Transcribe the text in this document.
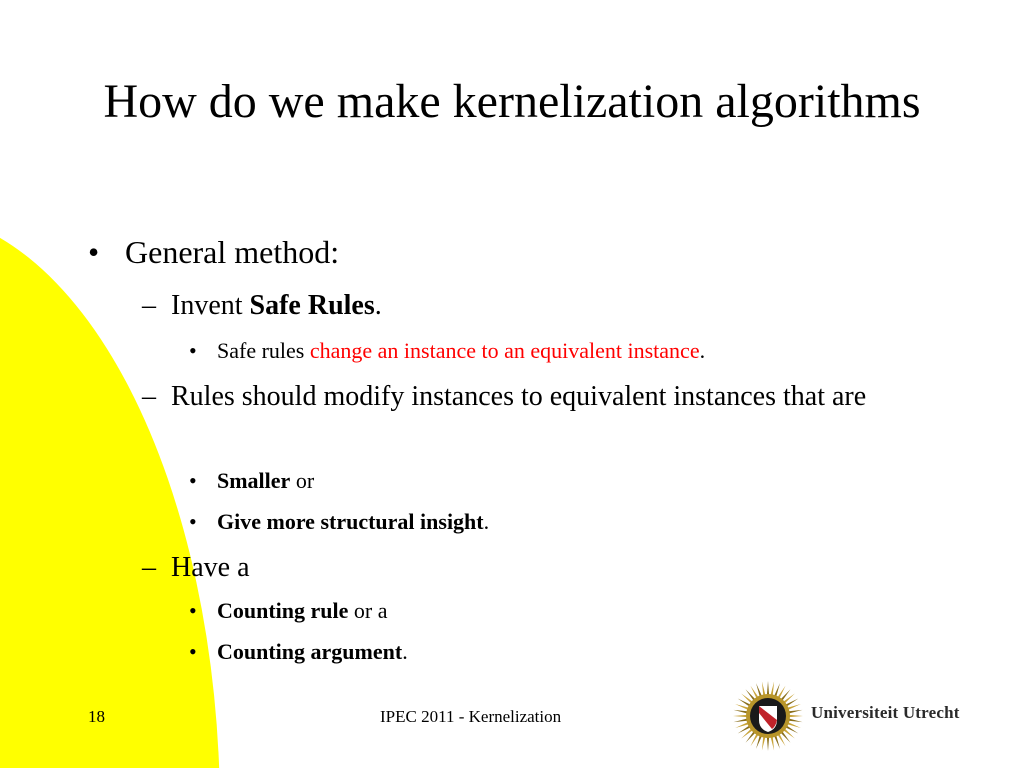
How do we make kernelization algorithms
• General method:
– Invent Safe Rules.
• Safe rules change an instance to an equivalent instance.
– Rules should modify instances to equivalent instances that are
• Smaller or
• Give more structural insight.
– Have a
• Counting rule or a
• Counting argument.
18	IPEC 2011 - Kernelization	Universiteit Utrecht
